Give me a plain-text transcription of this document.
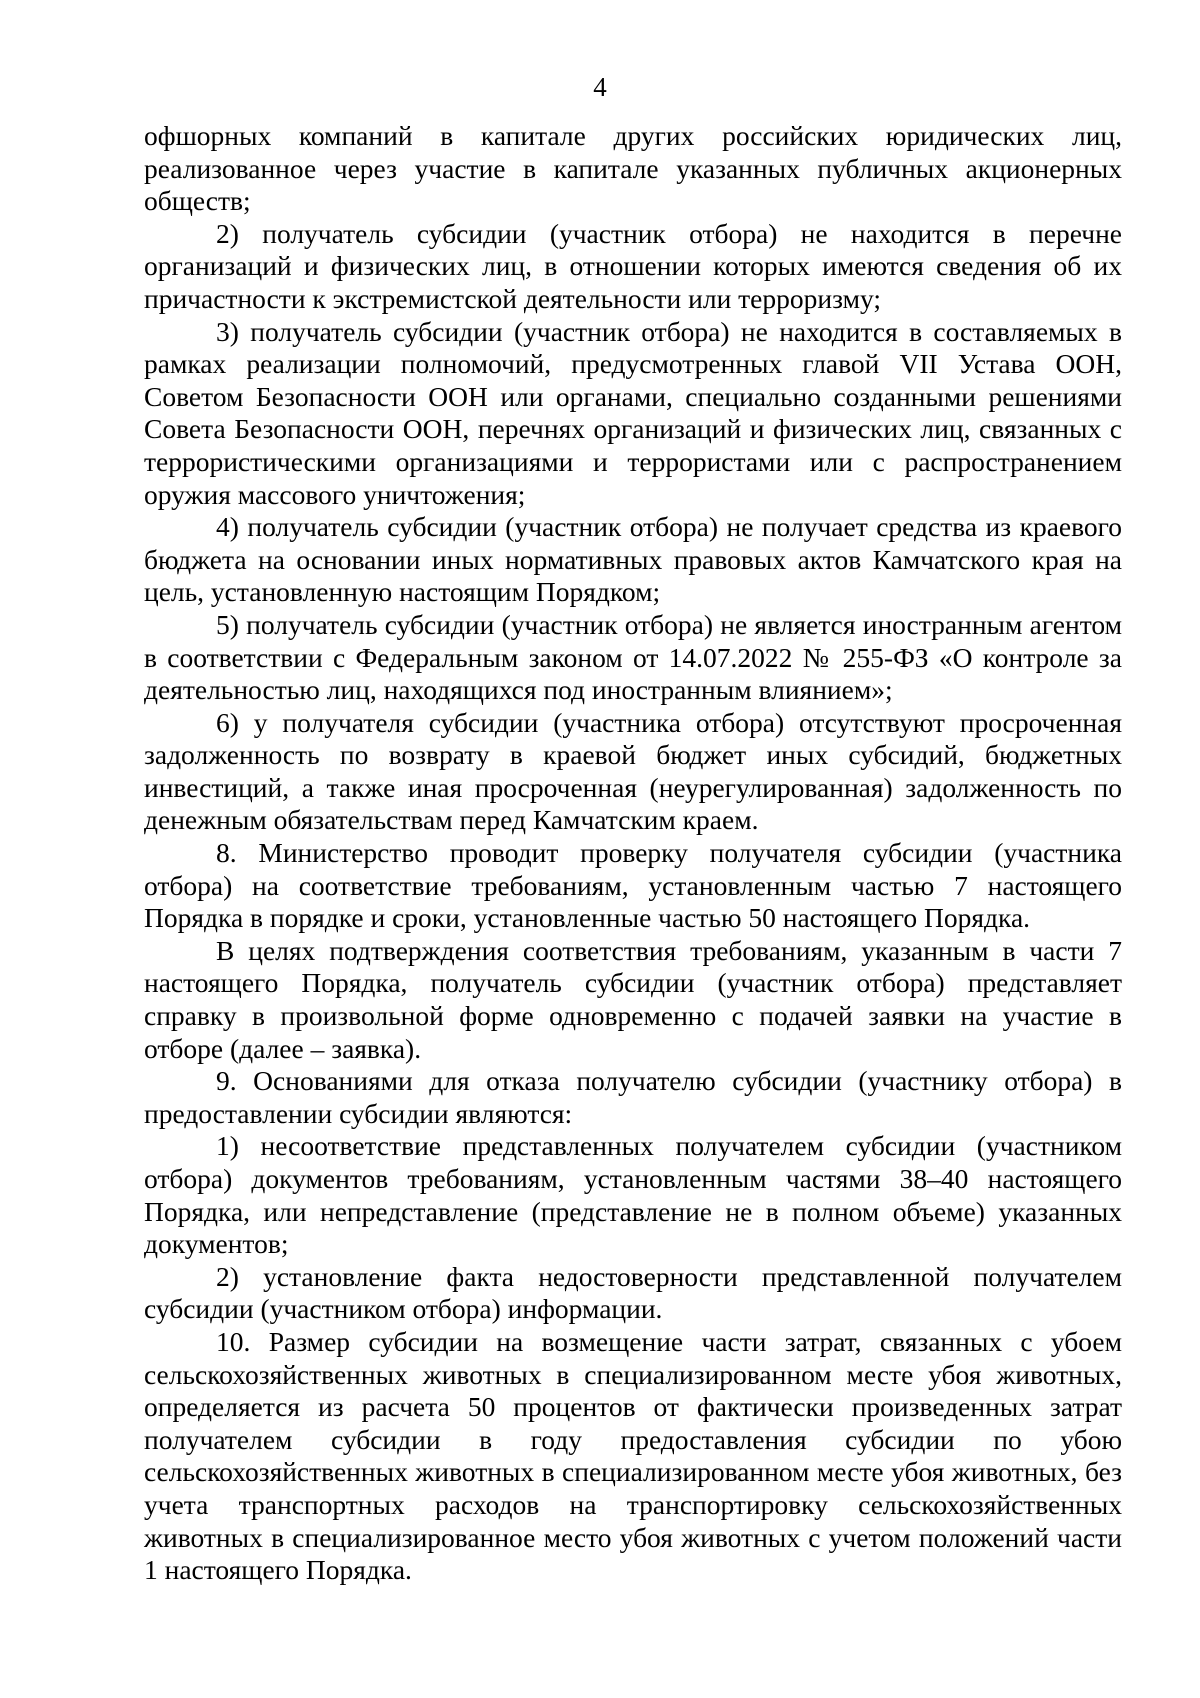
4

офшорных компаний в капитале других российских юридических лиц, реализованное через участие в капитале указанных публичных акционерных обществ;

2) получатель субсидии (участник отбора) не находится в перечне организаций и физических лиц, в отношении которых имеются сведения об их причастности к экстремистской деятельности или терроризму;

3) получатель субсидии (участник отбора) не находится в составляемых в рамках реализации полномочий, предусмотренных главой VII Устава ООН, Советом Безопасности ООН или органами, специально созданными решениями Совета Безопасности ООН, перечнях организаций и физических лиц, связанных с террористическими организациями и террористами или с распространением оружия массового уничтожения;

4) получатель субсидии (участник отбора) не получает средства из краевого бюджета на основании иных нормативных правовых актов Камчатского края на цель, установленную настоящим Порядком;

5) получатель субсидии (участник отбора) не является иностранным агентом в соответствии с Федеральным законом от 14.07.2022 № 255-ФЗ «О контроле за деятельностью лиц, находящихся под иностранным влиянием»;

6) у получателя субсидии (участника отбора) отсутствуют просроченная задолженность по возврату в краевой бюджет иных субсидий, бюджетных инвестиций, а также иная просроченная (неурегулированная) задолженность по денежным обязательствам перед Камчатским краем.

8. Министерство проводит проверку получателя субсидии (участника отбора) на соответствие требованиям, установленным частью 7 настоящего Порядка в порядке и сроки, установленные частью 50 настоящего Порядка.

В целях подтверждения соответствия требованиям, указанным в части 7 настоящего Порядка, получатель субсидии (участник отбора) представляет справку в произвольной форме одновременно с подачей заявки на участие в отборе (далее – заявка).

9. Основаниями для отказа получателю субсидии (участнику отбора) в предоставлении субсидии являются:

1) несоответствие представленных получателем субсидии (участником отбора) документов требованиям, установленным частями 38–40 настоящего Порядка, или непредставление (представление не в полном объеме) указанных документов;

2) установление факта недостоверности представленной получателем субсидии (участником отбора) информации.

10. Размер субсидии на возмещение части затрат, связанных с убоем сельскохозяйственных животных в специализированном месте убоя животных, определяется из расчета 50 процентов от фактически произведенных затрат получателем субсидии в году предоставления субсидии по убою сельскохозяйственных животных в специализированном месте убоя животных, без учета транспортных расходов на транспортировку сельскохозяйственных животных в специализированное место убоя животных с учетом положений части 1 настоящего Порядка.
